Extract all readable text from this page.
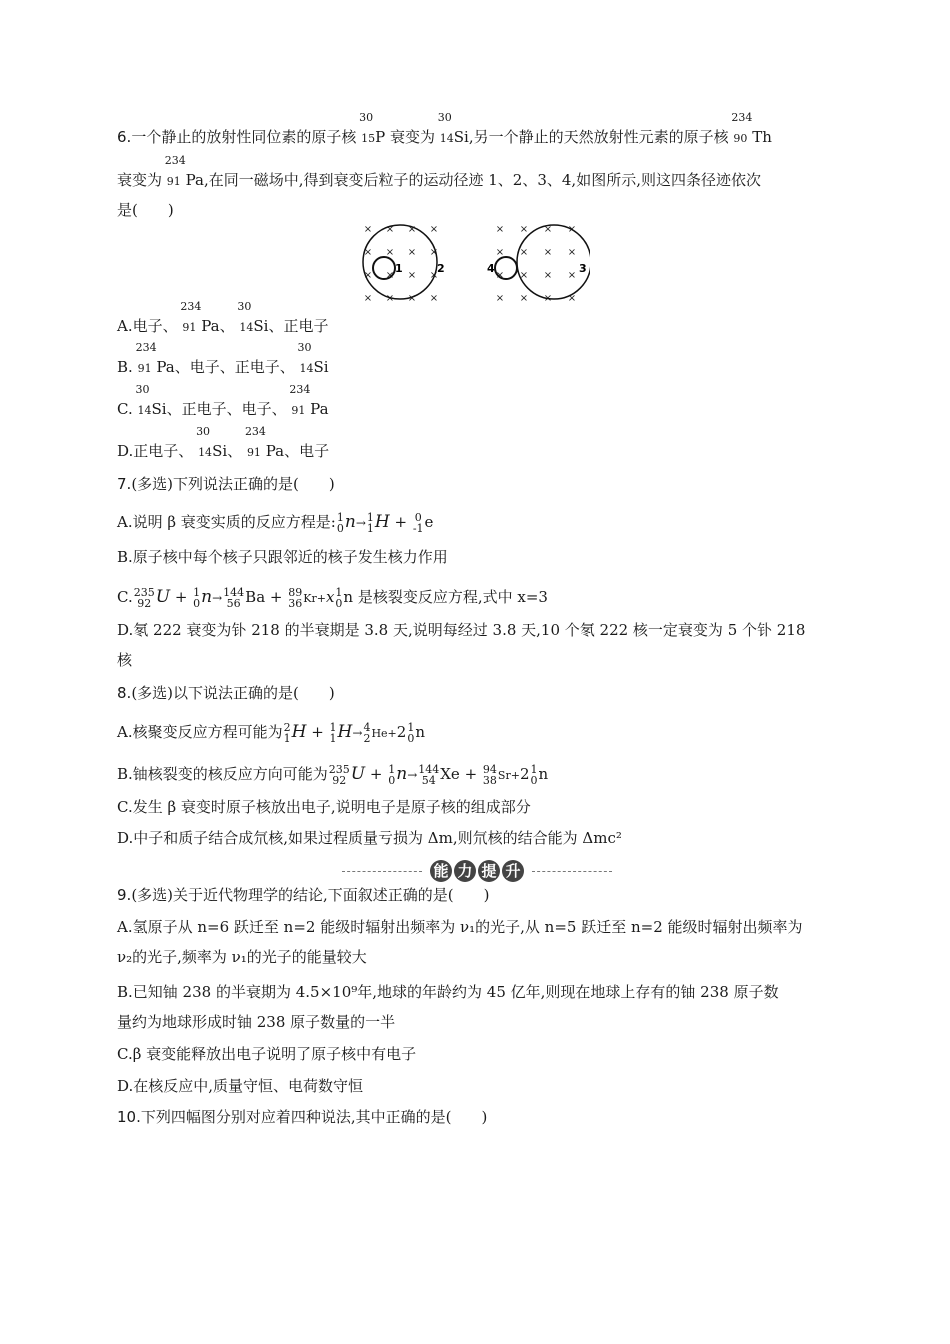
6.一个静止的放射性同位素的原子核
30
15P 衰变为
30
14Si,另一个静止的天然放射性元素的原子核
234
90 Th
衰变为
234
91 Pa,在同一磁场中,得到衰变后粒子的运动径迹 1、2、3、4,如图所示,则这四条径迹依次
是(　　)
×
×
×
×
×
×
×
×
×
×
×
×
×
×
×
×
×
×
×
×
×
×
×
×
×
×
×
×
×
×
×
×
1	2	4	3
A.电子、
234
91 Pa、
30
14Si、正电子
B.
234
91 Pa、电子、正电子、
30
14Si
C.
30
14Si、正电子、电子、
234
91 Pa
D.正电子、
30
14Si、
234
91 Pa、电子
7.(多选)下列说法正确的是(　　)
A.说明 β 衰变实质的反应方程是:1
0n→1
1H + 0
-1e
B.原子核中每个核子只跟邻近的核子发生核力作用
C.235
92 U + 1
0n→144
56 Ba + 89
36Kr+x1
0n 是核裂变反应方程,式中 x=3
D.氡 222 衰变为钋 218 的半衰期是 3.8 天,说明每经过 3.8 天,10 个氡 222 核一定衰变为 5 个钋 218
核
8.(多选)以下说法正确的是(　　)
A.核聚变反应方程可能为2
1H + 1
1H→4
2He+21
0n
B.铀核裂变的核反应方向可能为235
92 U + 1
0n→144
54 Xe + 94
38Sr+21
0n
C.发生 β 衰变时原子核放出电子,说明电子是原子核的组成部分
D.中子和质子结合成氘核,如果过程质量亏损为 Δm,则氘核的结合能为 Δmc²
能 力 提 升
9.(多选)关于近代物理学的结论,下面叙述正确的是(　　)
A.氢原子从 n=6 跃迁至 n=2 能级时辐射出频率为 ν₁的光子,从 n=5 跃迁至 n=2 能级时辐射出频率为
ν₂的光子,频率为 ν₁的光子的能量较大
B.已知铀 238 的半衰期为 4.5×10⁹年,地球的年龄约为 45 亿年,则现在地球上存有的铀 238 原子数
量约为地球形成时铀 238 原子数量的一半
C.β 衰变能释放出电子说明了原子核中有电子
D.在核反应中,质量守恒、电荷数守恒
10.下列四幅图分别对应着四种说法,其中正确的是(　　)
